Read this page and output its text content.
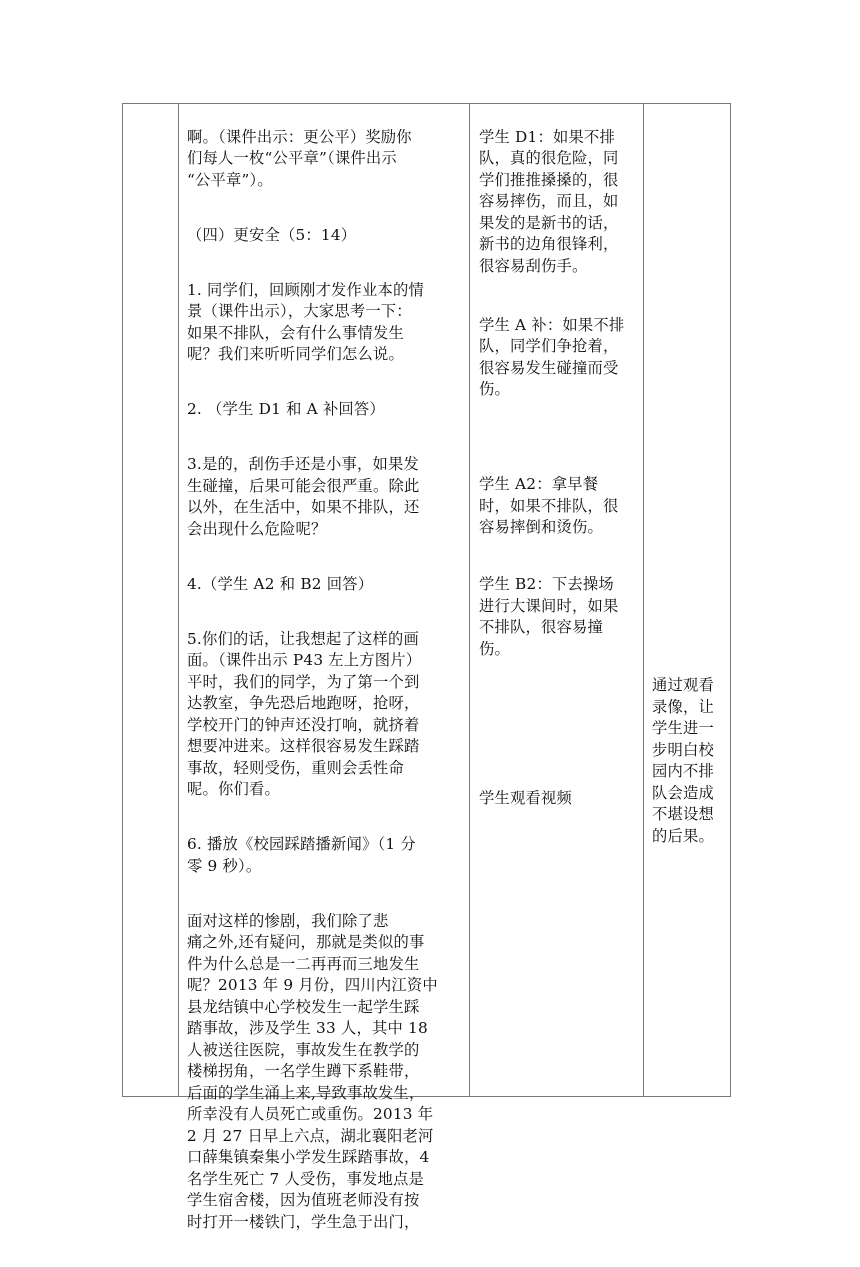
啊。（课件出示：更公平）奖励你
们每人一枚“公平章”（课件出示
“公平章”）。

（四）更安全（5：14）

1. 同学们，回顾刚才发作业本的情
景（课件出示），大家思考一下：
如果不排队，会有什么事情发生
呢？我们来听听同学们怎么说。

2. （学生 D1 和 A 补回答）

3.是的，刮伤手还是小事，如果发
生碰撞，后果可能会很严重。除此
以外，在生活中，如果不排队，还
会出现什么危险呢？

4.（学生 A2 和 B2 回答）

5.你们的话，让我想起了这样的画
面。（课件出示 P43 左上方图片）
平时，我们的同学，为了第一个到
达教室，争先恐后地跑呀，抢呀，
学校开门的钟声还没打响，就挤着
想要冲进来。这样很容易发生踩踏
事故，轻则受伤，重则会丢性命
呢。你们看。

6. 播放《校园踩踏播新闻》（1 分
零 9 秒）。

面对这样的惨剧，我们除了悲
痛之外,还有疑问，那就是类似的事
件为什么总是一二再再而三地发生
呢？2013 年 9 月份，四川内江资中
县龙结镇中心学校发生一起学生踩
踏事故，涉及学生 33 人，其中 18
人被送往医院，事故发生在教学的
楼梯拐角，一名学生蹲下系鞋带，
后面的学生涌上来,导致事故发生，
所幸没有人员死亡或重伤。2013 年
2 月 27 日早上六点，湖北襄阳老河
口薛集镇秦集小学发生踩踏事故，4
名学生死亡 7 人受伤，事发地点是
学生宿舍楼，因为值班老师没有按
时打开一楼铁门，学生急于出门，

学生 D1：如果不排
队，真的很危险，同
学们推推搡搡的，很
容易摔伤，而且，如
果发的是新书的话，
新书的边角很锋利，
很容易刮伤手。

学生 A 补：如果不排
队，同学们争抢着，
很容易发生碰撞而受
伤。

学生 A2：拿早餐
时，如果不排队，很
容易摔倒和烫伤。

学生 B2：下去操场
进行大课间时，如果
不排队，很容易撞
伤。

学生观看视频

通过观看
录像，让
学生进一
步明白校
园内不排
队会造成
不堪设想
的后果。
